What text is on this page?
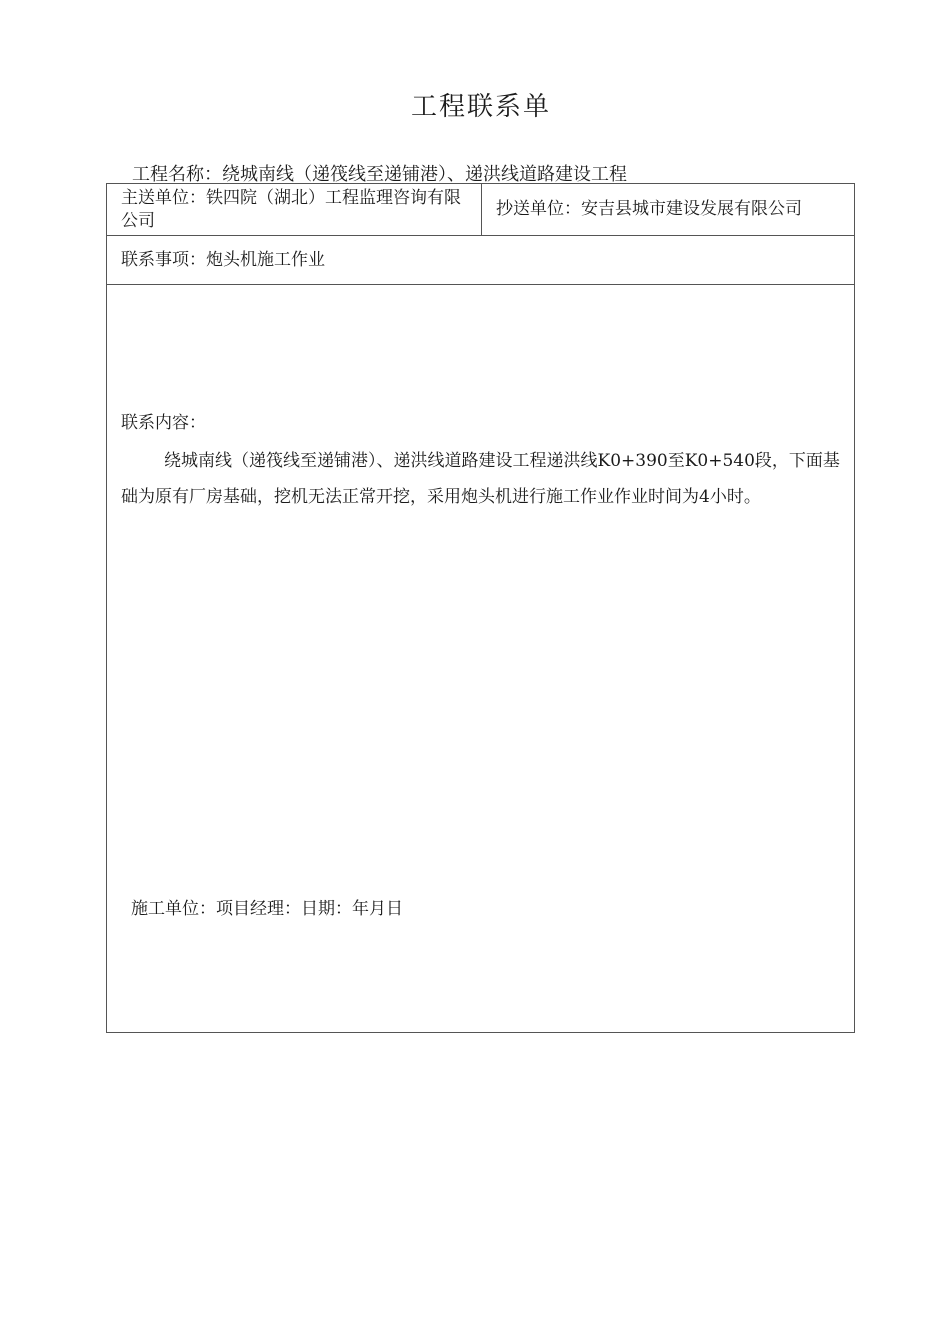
工程联系单
工程名称：绕城南线（递筏线至递铺港）、递洪线道路建设工程
主送单位：铁四院（湖北）工程监理咨询有限公司
抄送单位：安吉县城市建设发展有限公司
联系事项：炮头机施工作业
联系内容：
绕城南线（递筏线至递铺港）、递洪线道路建设工程递洪线K0+390至K0+540段，下面基础为原有厂房基础，挖机无法正常开挖，采用炮头机进行施工作业作业时间为4小时。
施工单位：项目经理：日期：年月日
